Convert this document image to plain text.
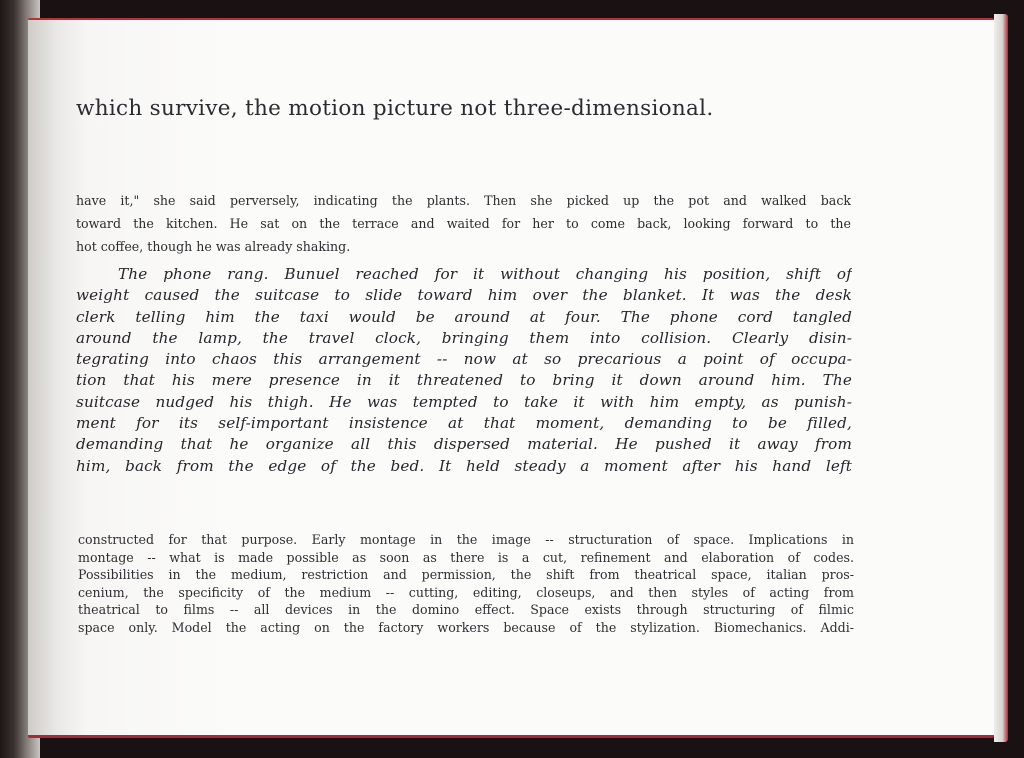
which survive, the motion picture not three-dimensional.
have it," she said perversely, indicating the plants. Then she picked up the pot and walked back
toward the kitchen. He sat on the terrace and waited for her to come back, looking forward to the
hot coffee, though he was already shaking.
The phone rang. Bunuel reached for it without changing his position, shift of
weight caused the suitcase to slide toward him over the blanket. It was the desk
clerk telling him the taxi would be around at four. The phone cord tangled
around the lamp, the travel clock, bringing them into collision. Clearly disin-
tegrating into chaos this arrangement -- now at so precarious a point of occupa-
tion that his mere presence in it threatened to bring it down around him. The
suitcase nudged his thigh. He was tempted to take it with him empty, as punish-
ment for its self-important insistence at that moment, demanding to be filled,
demanding that he organize all this dispersed material. He pushed it away from
him, back from the edge of the bed. It held steady a moment after his hand left
constructed for that purpose. Early montage in the image -- structuration of space. Implications in
montage -- what is made possible as soon as there is a cut, refinement and elaboration of codes.
Possibilities in the medium, restriction and permission, the shift from theatrical space, italian pros-
cenium, the specificity of the medium -- cutting, editing, closeups, and then styles of acting from
theatrical to films -- all devices in the domino effect. Space exists through structuring of filmic
space only. Model the acting on the factory workers because of the stylization. Biomechanics. Addi-
